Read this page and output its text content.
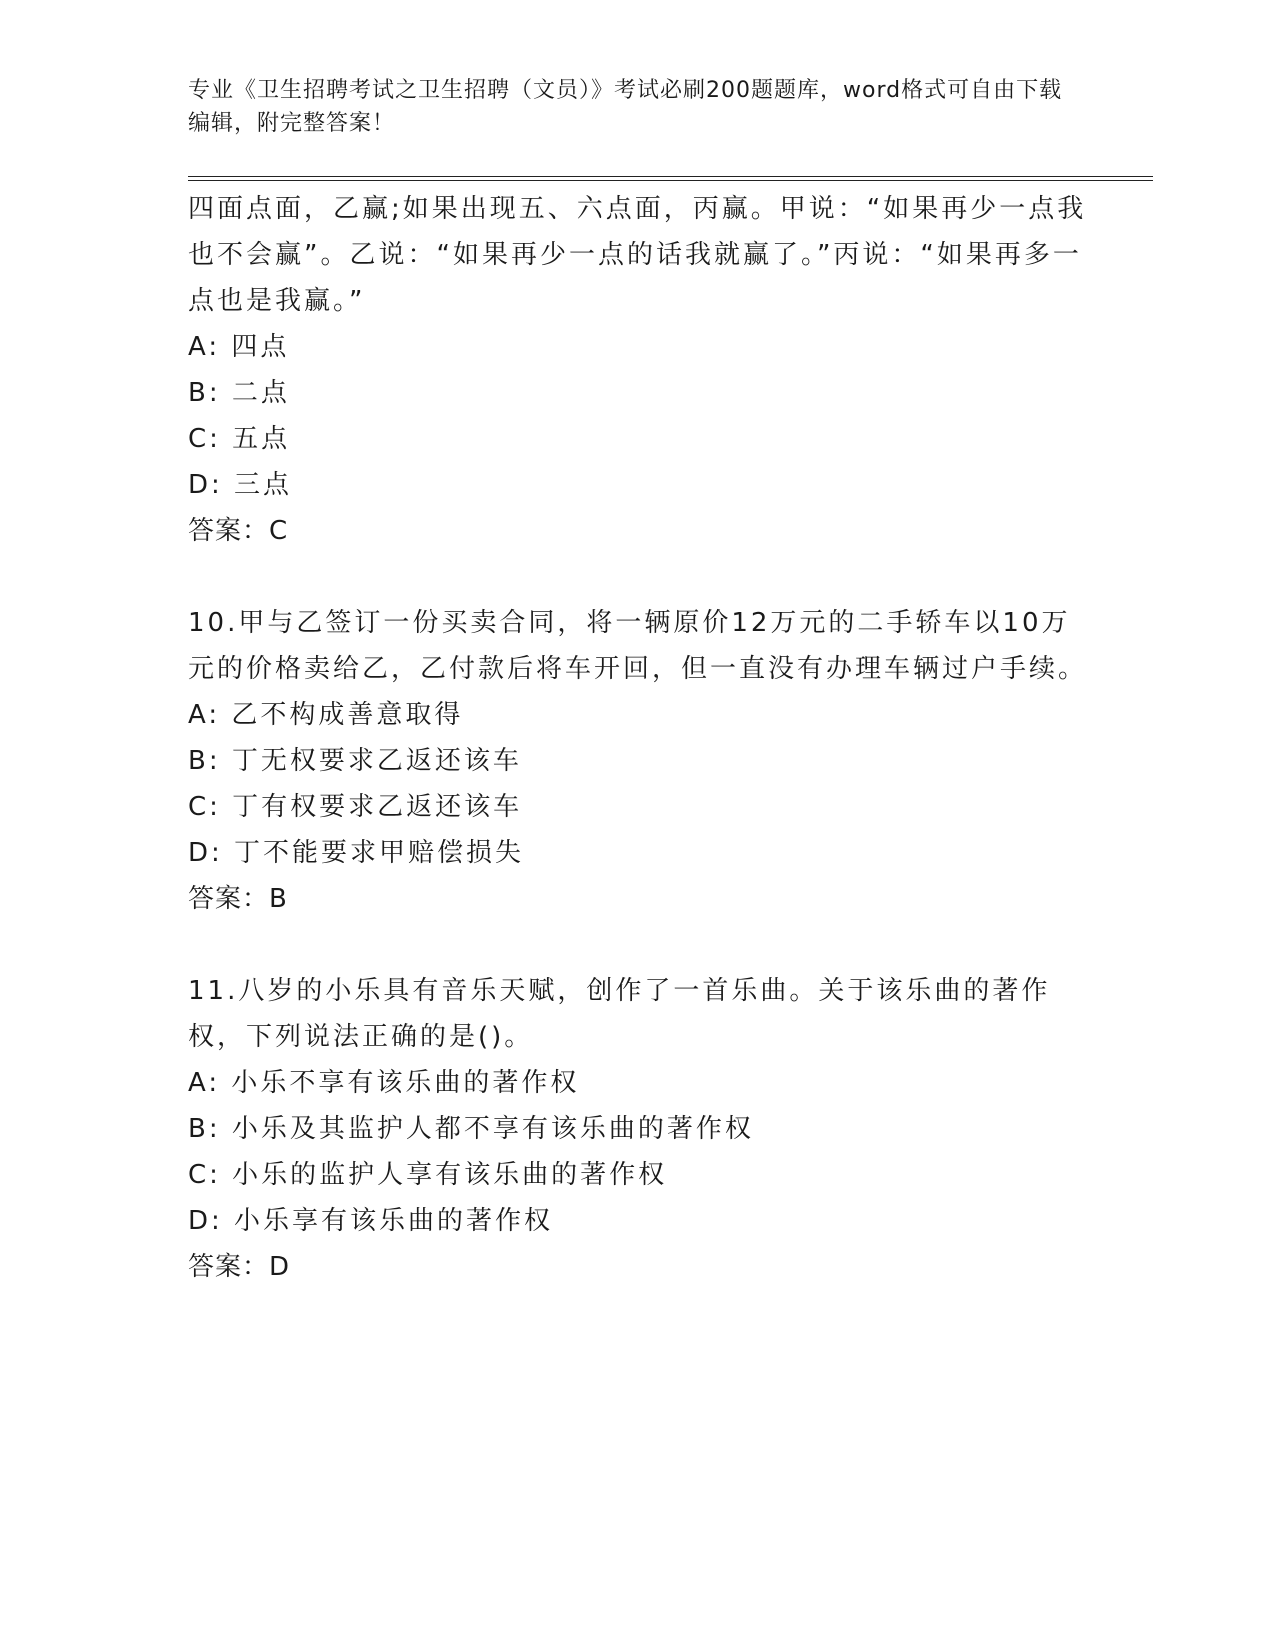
专业《卫生招聘考试之卫生招聘（文员）》考试必刷200题题库，word格式可自由下载编辑，附完整答案！

四面点面，乙赢;如果出现五、六点面，丙赢。甲说：“如果再少一点我也不会赢”。乙说：“如果再少一点的话我就赢了。”丙说：“如果再多一点也是我赢。”

A: 四点

B: 二点

C: 五点

D: 三点

答案：C

10.甲与乙签订一份买卖合同，将一辆原价12万元的二手轿车以10万元的价格卖给乙，乙付款后将车开回，但一直没有办理车辆过户手续。

A: 乙不构成善意取得

B: 丁无权要求乙返还该车

C: 丁有权要求乙返还该车

D: 丁不能要求甲赔偿损失

答案：B

11.八岁的小乐具有音乐天赋，创作了一首乐曲。关于该乐曲的著作权，下列说法正确的是()。

A: 小乐不享有该乐曲的著作权

B: 小乐及其监护人都不享有该乐曲的著作权

C: 小乐的监护人享有该乐曲的著作权

D: 小乐享有该乐曲的著作权

答案：D
